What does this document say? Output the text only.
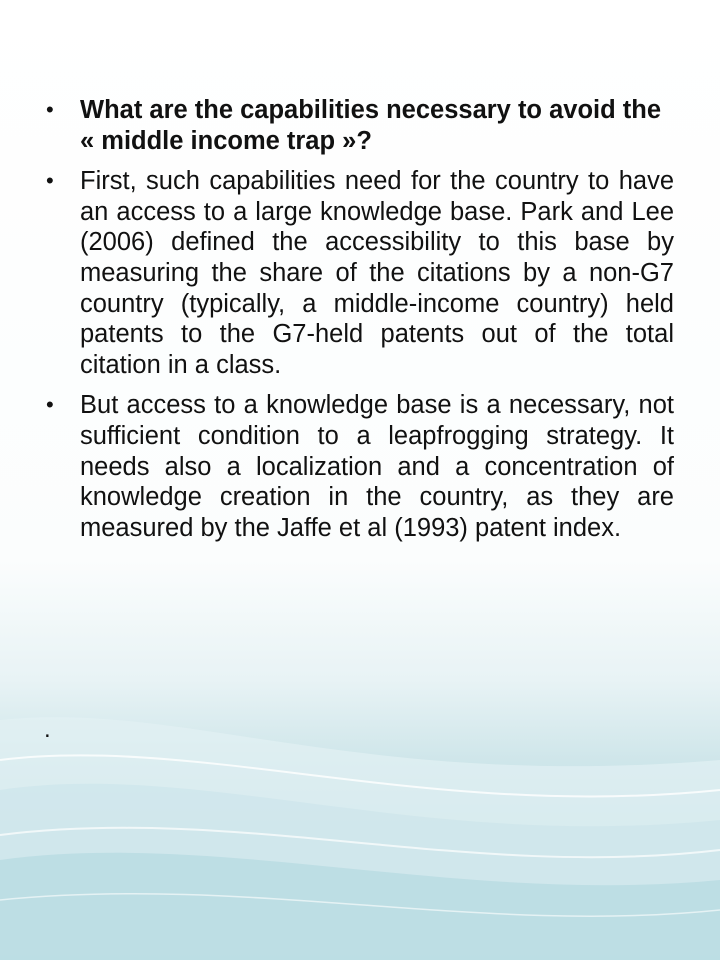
• What are the capabilities necessary to avoid the « middle income trap »?
• First, such capabilities need for the country to have an access to a large knowledge base. Park and Lee (2006) defined the accessibility to this base by measuring the share of the citations by a non-G7 country (typically, a middle-income country) held patents to the G7-held patents out of the total citation in a class.
• But access to a knowledge base is a necessary, not sufficient condition to a leapfrogging strategy. It needs also a localization and a concentration of knowledge creation in the country, as they are measured by the Jaffe et al (1993) patent index.
.
